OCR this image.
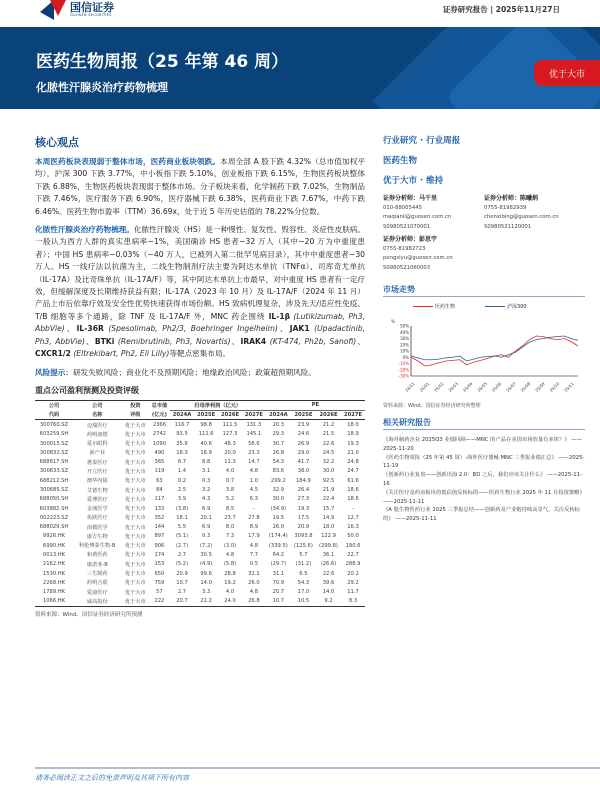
国信证券
GUOSEN SECURITIES
证券研究报告 | 2025年11月27日
医药生物周报（25 年第 46 周）
化脓性汗腺炎治疗药物梳理
优于大市
核心观点

本周医药板块表现弱于整体市场，医药商业板块领跌。本周全部 A 股下跌 4.32%（总市值加权平均），沪深 300 下跌 3.77%，中小板指下跌 5.10%，创业板指下跌 6.15%，生物医药板块整体下跌 6.88%，生物医药板块表现弱于整体市场。分子板块来看，化学制药下跌 7.02%，生物制品下跌 7.46%，医疗服务下跌 6.90%，医疗器械下跌 6.38%，医药商业下跌 7.67%，中药下跌 6.46%。医药生物市盈率（TTM）36.69x，处于近 5 年历史估值的 78.22%分位数。

化脓性汗腺炎治疗药物梳理。化脓性汗腺炎（HS）是一种慢性、复发性、毁容性、炎症性皮肤病。一般认为西方人群的真实患病率~1%，美国确诊 HS 患者~32 万人（其中~20 万为中重度患者）；中国 HS 患病率~0.03%（~40 万人，已被列入第二批罕见病目录），其中中重度患者~30 万人。HS 一线疗法以抗菌为主，二线生物制剂疗法主要为阿达木单抗（TNFα）、司库奇尤单抗（IL-17A）及比奇珠单抗（IL-17A/F）等，其中阿达木单抗上市最早，对中重度 HS 患者有一定疗效，但缓解深度及长期维持获益有限；IL-17A（2023 年 10 月）及 IL-17A/F（2024 年 11 月）产品上市后依靠疗效及安全性优势快速获得市场份额。HS 致病机理复杂，涉及先天/适应性免疫、T/B 细胞等多个通路，除 TNF 及 IL-17A/F 外，MNC 药企围绕 IL-1β (Lutikizumab, Ph3, AbbVie)、IL-36R (Spesolimab, Ph2/3, Boehringer Ingelheim)、JAK1 (Upadactinib, Ph3, AbbVie)、BTKi (Remibrutinib, Ph3, Novartis)、IRAK4 (KT-474, Ph2b, Sanofi)、CXCR1/2 (Eltrekibart, Ph2, Eli Lilly)等靶点密集布局。

风险提示：研发失败风险；商业化不及预期风险；地缘政治风险；政策超预期风险。

重点公司盈利预测及投资评级
公司	公司	投资	总市值	归母净利润（亿元）				PE			
代码	名称	评级	(亿元)	2024A	2025E	2026E	2027E	2024A	2025E	2026E	2027E
300760.SZ	迈瑞医疗	优于大市	2366	116.7	98.8	111.5	131.3	20.3	23.9	21.2	18.0
603259.SH	药明康德	优于大市	2742	93.5	111.6	127.3	145.1	29.3	24.6	21.5	18.9
300015.SZ	爱尔眼科	优于大市	1090	35.6	40.6	48.3	56.6	30.7	26.9	22.6	19.3
300832.SZ	新产业	优于大市	490	18.3	16.9	20.0	23.3	26.8	29.0	24.5	21.0
688617.SH	惠泰医疗	优于大市	365	6.7	8.8	11.3	14.7	54.3	41.7	32.2	24.8
300633.SZ	开立医疗	优于大市	119	1.4	3.1	4.0	4.8	83.6	38.0	30.0	24.7
688212.SH	澳华内镜	优于大市	63	0.2	0.3	0.7	1.0	299.2	184.9	92.5	61.6
300685.SZ	艾德生物	优于大市	84	2.5	3.2	3.8	4.5	32.9	26.4	21.9	18.6
688050.SH	爱博医疗	优于大市	117	3.9	4.3	5.2	6.3	30.0	27.3	22.4	18.6
603882.SH	金域医学	优于大市	133	(3.8)	6.9	8.5	-	(34.9)	19.3	15.7	-
002223.SZ	鱼跃医疗	优于大市	352	18.1	20.1	23.7	27.8	19.5	17.5	14.9	12.7
688029.SH	南微医学	优于大市	144	5.5	6.9	8.0	8.9	26.0	20.9	18.0	16.3
9926.HK	康方生物	优于大市	897	(5.1)	0.3	7.3	17.9	(174.4)	3093.8	122.9	50.0
6990.HK	科伦博泰生物-B	优于大市	906	(2.7)	(7.2)	(3.0)	4.8	(339.5)	(125.6)	(299.8)	190.6
0013.HK	和黄医药	优于大市	174	2.7	30.5	4.8	7.7	64.2	5.7	36.1	22.7
2162.HK	康诺亚-B	优于大市	153	(5.2)	(4.9)	(5.8)	0.5	(29.7)	(31.2)	(26.6)	288.9
1530.HK	三生制药	优于大市	650	20.9	99.6	28.8	32.1	31.1	6.5	22.6	20.2
2268.HK	药明合联	优于大市	759	10.7	14.0	19.2	26.0	70.9	54.3	39.6	29.2
1789.HK	爱康医疗	优于大市	57	2.7	3.3	4.0	4.8	20.7	17.0	14.0	11.7
1066.HK	威高股份	优于大市	222	20.7	21.2	24.0	26.8	10.7	10.5	9.2	8.3
资料来源：Wind、国信证券经济研究所预测
行业研究 · 行业周报
医药生物
优于大市 · 维持
证券分析师：马千里
010-88005445
maqianli@guosen.com.cn
S0980521070001
证券分析师：陈曦炳
0755-81982939
chenxibing@guosen.com.cn
S0980521120001
证券分析师：彭思宇
0755-81982723
pengsiyu@guosen.com.cn
S0980521060003
市场走势
医药生物	沪深300
%
50%
40%
30%
20%
10%
0%
-10%
-20%
-30%
24/11 25/01 25/02 25/03 25/04 25/05 25/06 25/07 25/08 25/09 25/10 25/11
资料来源：Wind、国信证券经济研究所整理
相关研究报告
《海外制药企业 2025Q3 业绩回顾——MNC 的产品在美国市场放量有多快？》 ——2025-11-20
《医药生物周报（25 年第 45 周）-海外医疗器械 MNC 三季报业绩汇总》 ——2025-11-19
《创新药行业复盘——创新出海 2.0：BD 之后，我们应该关注什么》 ——2025-11-16
《关注医疗及药房板块的低估值反转标的——医药生物行业 2025 年 11 月投资策略》 ——2025-11-11
《A 股生物医药行业 2025 三季报总结——创新药及产业链持续高景气，关注反转标的》 ——2025-11-11
请务必阅读正文之后的免责声明及其项下所有内容
